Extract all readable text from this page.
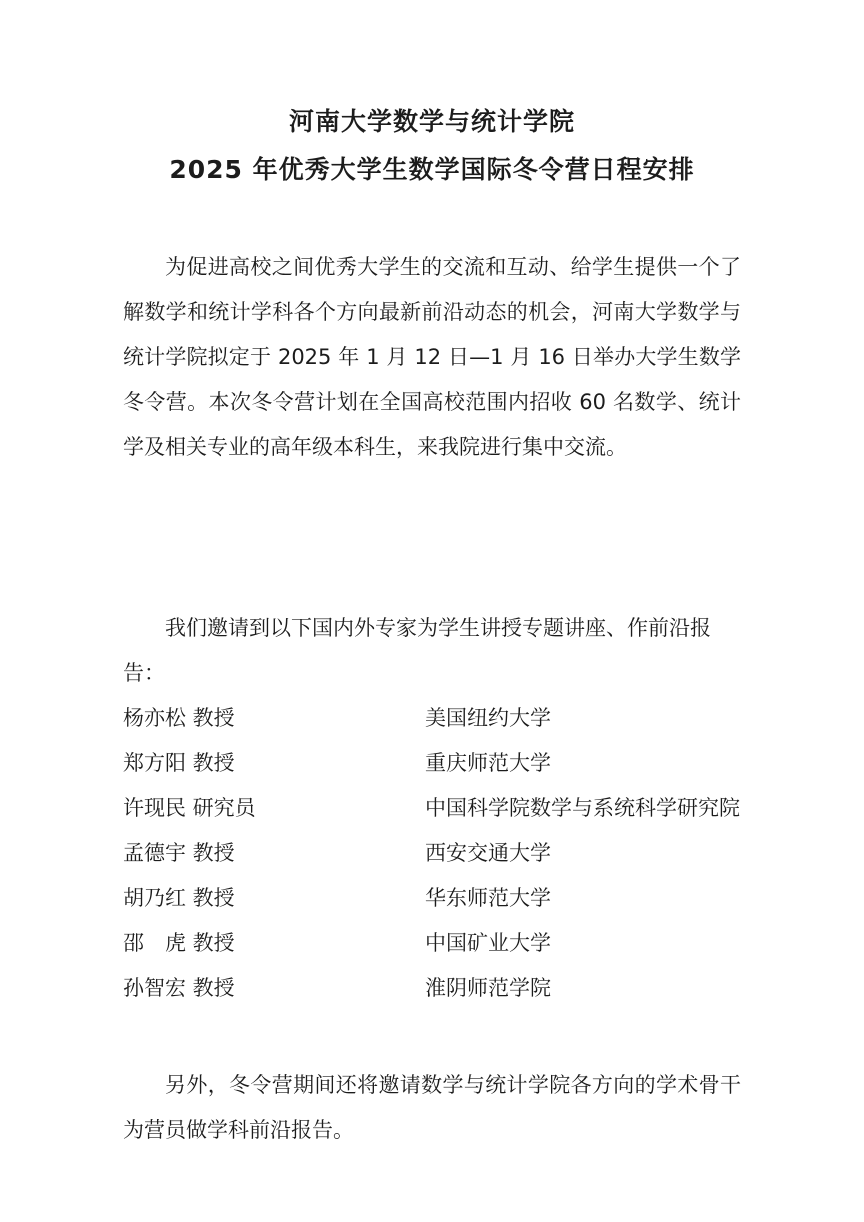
河南大学数学与统计学院
2025 年优秀大学生数学国际冬令营日程安排

为促进高校之间优秀大学生的交流和互动、给学生提供一个了解数学和统计学科各个方向最新前沿动态的机会，河南大学数学与统计学院拟定于 2025 年 1 月 12 日—1 月 16 日举办大学生数学冬令营。本次冬令营计划在全国高校范围内招收 60 名数学、统计学及相关专业的高年级本科生，来我院进行集中交流。

我们邀请到以下国内外专家为学生讲授专题讲座、作前沿报告：

杨亦松 教授	美国纽约大学
郑方阳 教授	重庆师范大学
许现民 研究员	中国科学院数学与系统科学研究院
孟德宇 教授	西安交通大学
胡乃红 教授	华东师范大学
邵　虎 教授	中国矿业大学
孙智宏 教授	淮阴师范学院

另外，冬令营期间还将邀请数学与统计学院各方向的学术骨干为营员做学科前沿报告。
